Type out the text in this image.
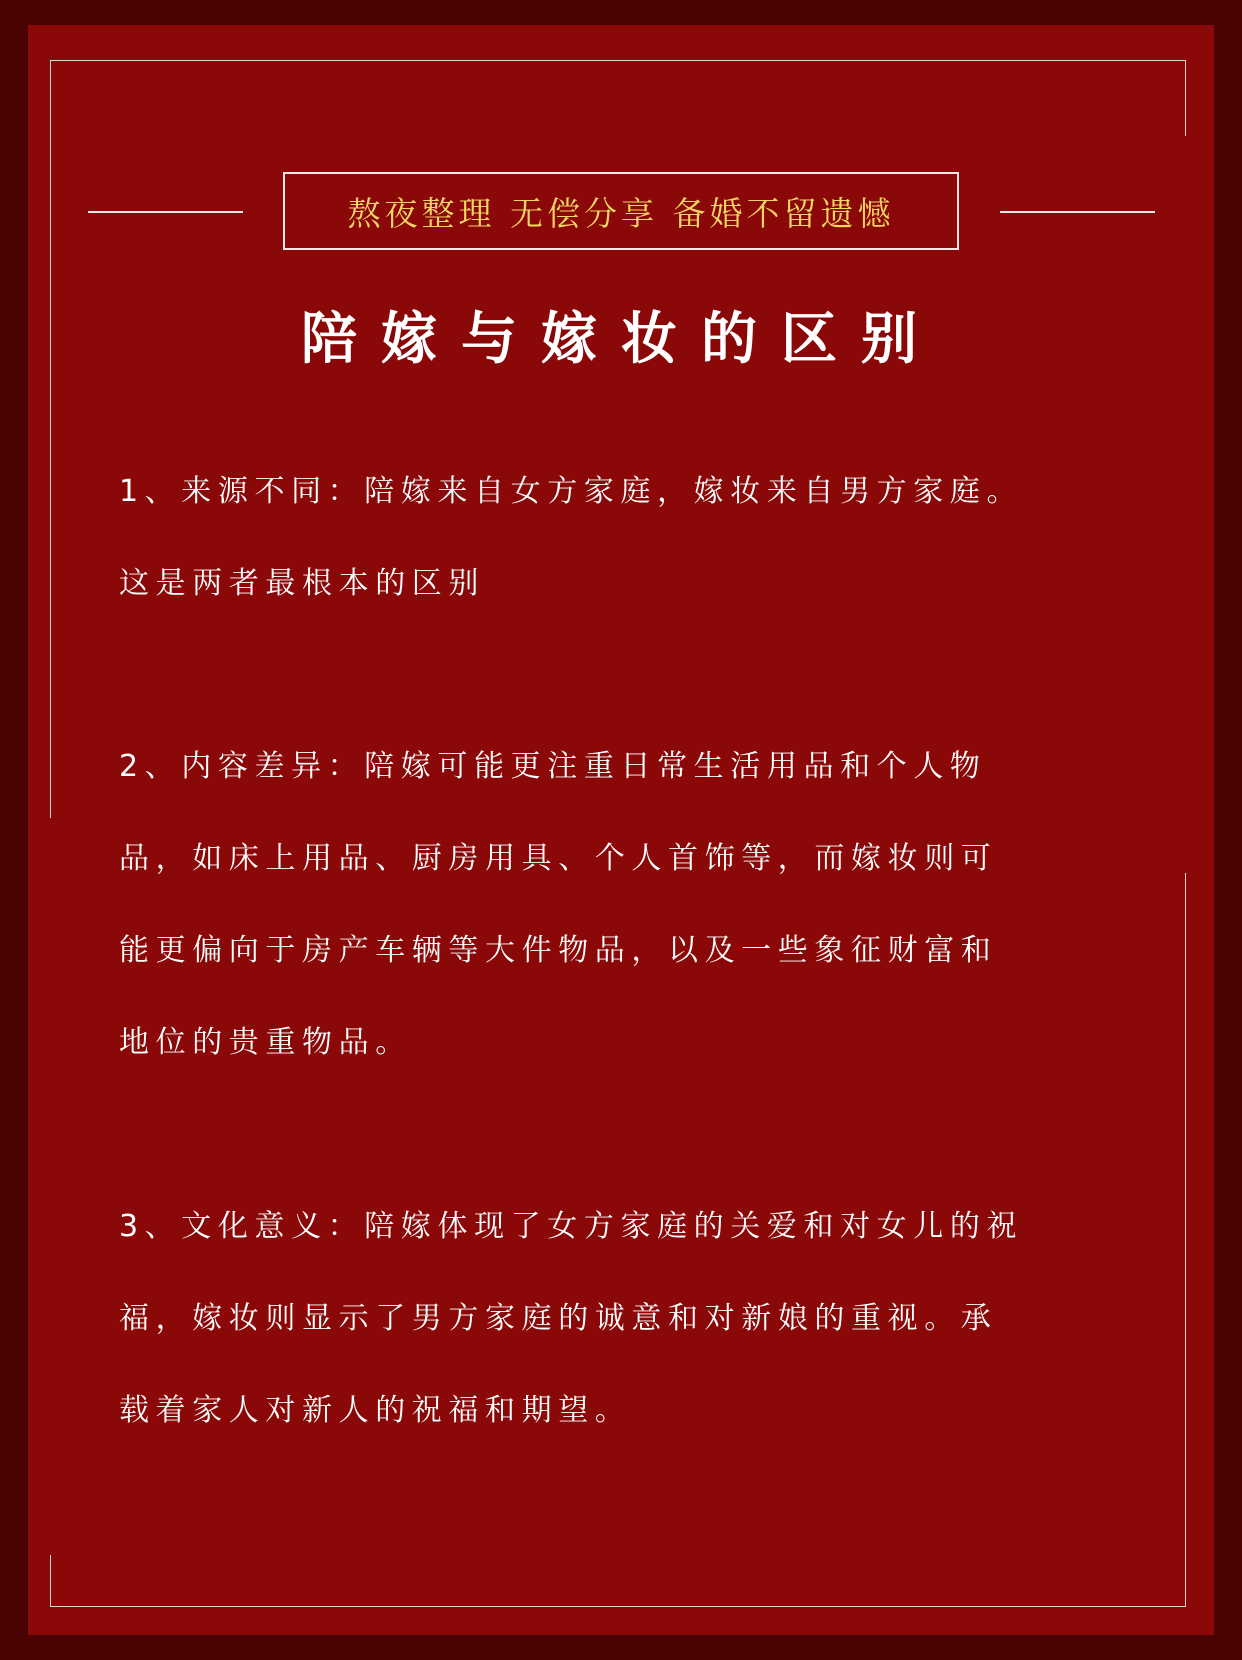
熬夜整理 无偿分享 备婚不留遗憾
陪嫁与嫁妆的区别

1、来源不同：陪嫁来自女方家庭，嫁妆来自男方家庭。
这是两者最根本的区别

2、内容差异：陪嫁可能更注重日常生活用品和个人物
品，如床上用品、厨房用具、个人首饰等，而嫁妆则可
能更偏向于房产车辆等大件物品，以及一些象征财富和
地位的贵重物品。

3、文化意义：陪嫁体现了女方家庭的关爱和对女儿的祝
福，嫁妆则显示了男方家庭的诚意和对新娘的重视。承
载着家人对新人的祝福和期望。
